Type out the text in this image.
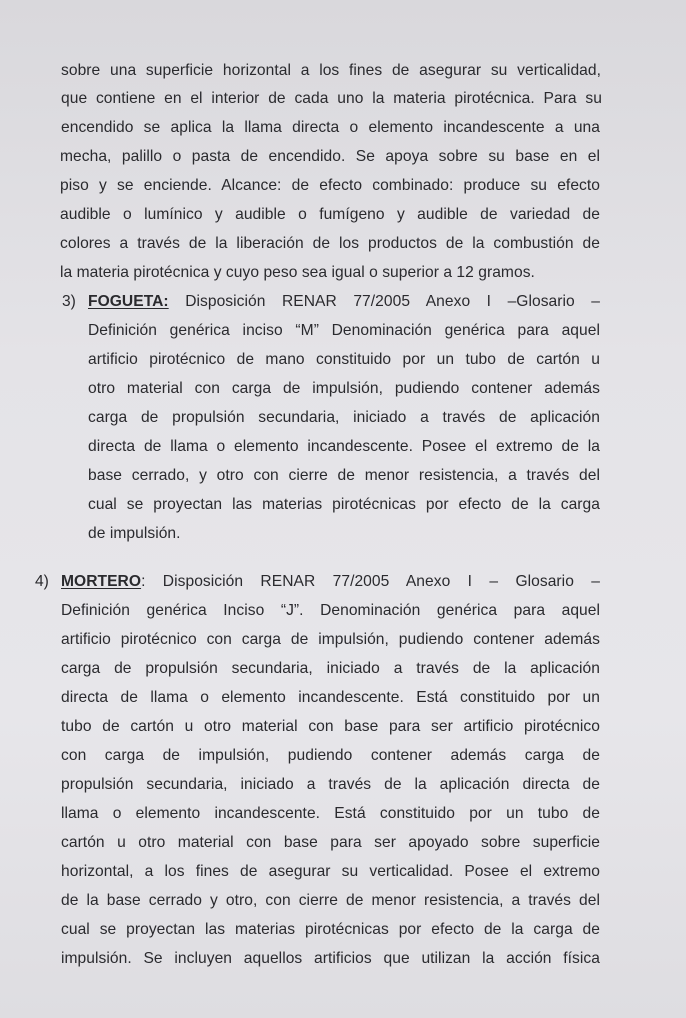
sobre una superficie horizontal a los fines de asegurar su verticalidad,
que contiene en el interior de cada uno la materia pirotécnica. Para su
encendido se aplica la llama directa o elemento incandescente a una
mecha, palillo o pasta de encendido. Se apoya sobre su base en el
piso y se enciende. Alcance: de efecto combinado: produce su efecto
audible o lumínico y audible o fumígeno y audible de variedad de
colores a través de la liberación de los productos de la combustión de
la materia pirotécnica y cuyo peso sea igual o superior a 12 gramos.
3) FOGUETA: Disposición RENAR 77/2005 Anexo I –Glosario –
Definición genérica inciso “M” Denominación genérica para aquel
artificio pirotécnico de mano constituido por un tubo de cartón u
otro material con carga de impulsión, pudiendo contener además
carga de propulsión secundaria, iniciado a través de aplicación
directa de llama o elemento incandescente. Posee el extremo de la
base cerrado, y otro con cierre de menor resistencia, a través del
cual se proyectan las materias pirotécnicas por efecto de la carga
de impulsión.
4) MORTERO: Disposición RENAR 77/2005 Anexo I – Glosario –
Definición genérica Inciso “J”. Denominación genérica para aquel
artificio pirotécnico con carga de impulsión, pudiendo contener además
carga de propulsión secundaria, iniciado a través de la aplicación
directa de llama o elemento incandescente. Está constituido por un
tubo de cartón u otro material con base para ser artificio pirotécnico
con carga de impulsión, pudiendo contener además carga de
propulsión secundaria, iniciado a través de la aplicación directa de
llama o elemento incandescente. Está constituido por un tubo de
cartón u otro material con base para ser apoyado sobre superficie
horizontal, a los fines de asegurar su verticalidad. Posee el extremo
de la base cerrado y otro, con cierre de menor resistencia, a través del
cual se proyectan las materias pirotécnicas por efecto de la carga de
impulsión. Se incluyen aquellos artificios que utilizan la acción física
